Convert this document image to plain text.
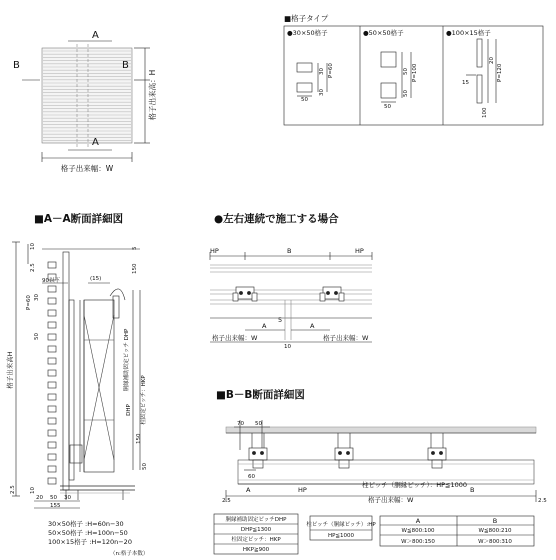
A
A
B	B
格子出来高：H
格子出来幅：W
■格子タイプ
●30×50格子	●50×50格子	●100×15格子
30 P=60
30
50
50 P=100
50
50
20
P=120
15
100
■A－A断面詳細図
格子出来高H
10
2.5
5
150
90以下
P=60 30
50
(15)
胴縁補助固定ピッチ DHP
柱固定ピッチ：HKP
DHP
150
50
2.5	10
20 50 30
155
30×50格子 :H=60n−30
50×50格子 :H=100n−50
100×15格子 :H=120n−20
（n:格子本数）
●左右連続で施工する場合
HP	B	HP
5
A	A
10
格子出来幅：W	格子出来幅：W
■B－B断面詳細図
70 50
60
A	HP
柱ピッチ（胴縁ピッチ）：HP≦1000
B
2.5	格子出来幅：W	2.5
胴縁補助固定ピッチDHP
DHP≦1300
柱固定ピッチ：HKP
HKP≧900
柱ピッチ（胴縁ピッチ）:HP
HP≦1000
A	B
W≦800:100	W≦800:210
W＞800:150	W＞800:310
